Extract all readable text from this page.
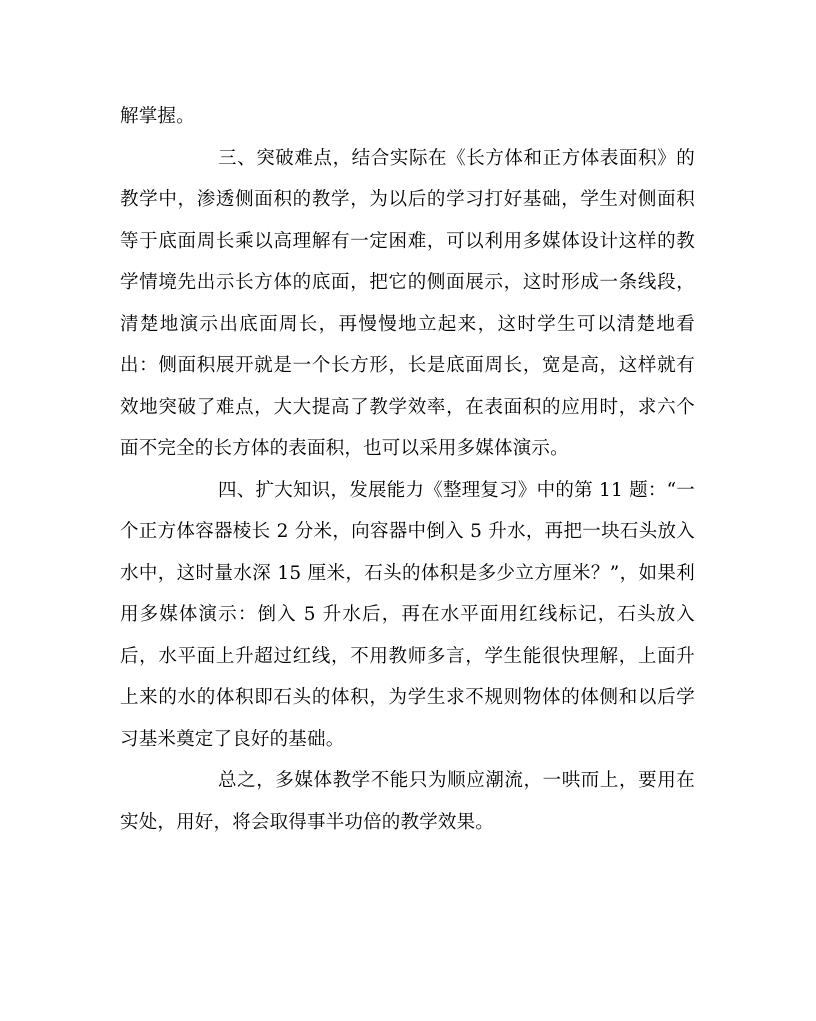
解掌握。

三、突破难点，结合实际在《长方体和正方体表面积》的教学中，渗透侧面积的教学，为以后的学习打好基础，学生对侧面积等于底面周长乘以高理解有一定困难，可以利用多媒体设计这样的教学情境先出示长方体的底面，把它的侧面展示，这时形成一条线段，清楚地演示出底面周长，再慢慢地立起来，这时学生可以清楚地看出：侧面积展开就是一个长方形，长是底面周长，宽是高，这样就有效地突破了难点，大大提高了教学效率，在表面积的应用时，求六个面不完全的长方体的表面积，也可以采用多媒体演示。

四、扩大知识，发展能力《整理复习》中的第 11 题：“一个正方体容器棱长 2 分米，向容器中倒入 5 升水，再把一块石头放入水中，这时量水深 15 厘米，石头的体积是多少立方厘米？”，如果利用多媒体演示：倒入 5 升水后，再在水平面用红线标记，石头放入后，水平面上升超过红线，不用教师多言，学生能很快理解，上面升上来的水的体积即石头的体积，为学生求不规则物体的体侧和以后学习基米奠定了良好的基础。

总之，多媒体教学不能只为顺应潮流，一哄而上，要用在实处，用好，将会取得事半功倍的教学效果。
